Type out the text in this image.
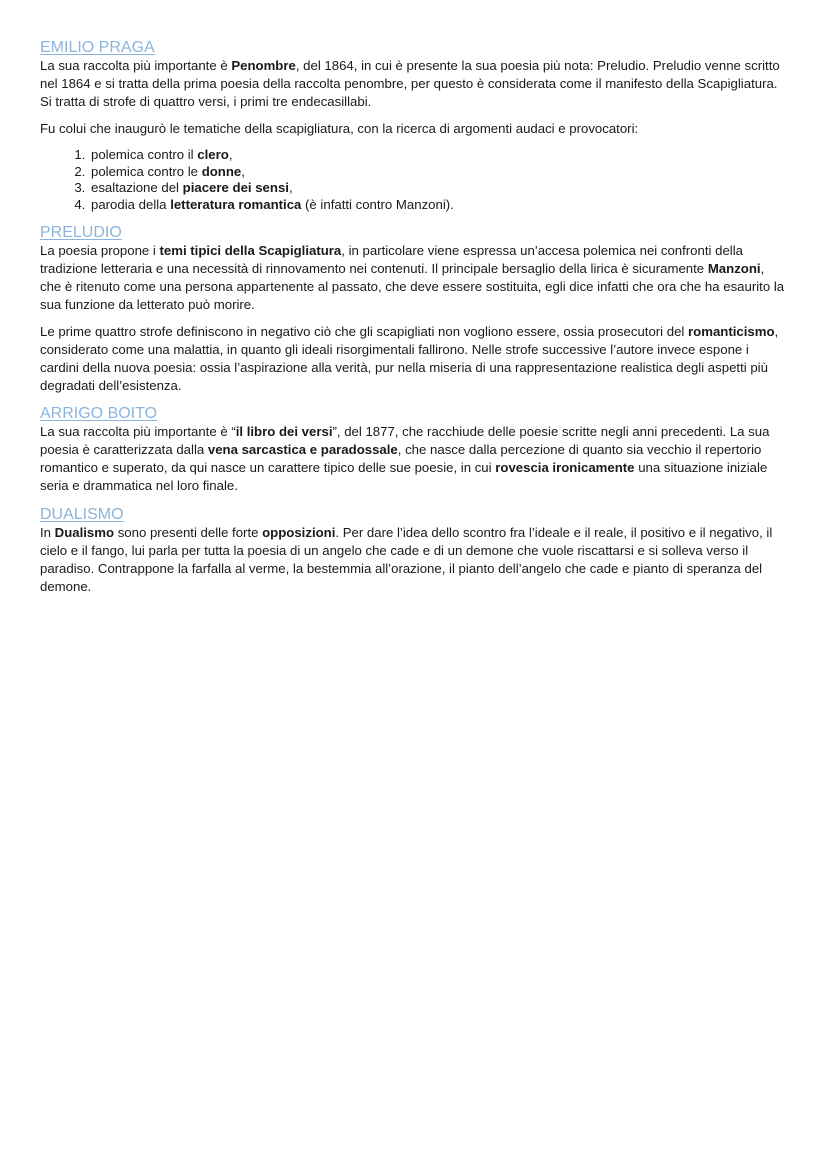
EMILIO PRAGA

La sua raccolta più importante è Penombre, del 1864, in cui è presente la sua poesia più nota: Preludio. Preludio venne scritto nel 1864 e si tratta della prima poesia della raccolta penombre, per questo è considerata come il manifesto della Scapigliatura. Si tratta di strofe di quattro versi, i primi tre endecasillabi.

Fu colui che inaugurò le tematiche della scapigliatura, con la ricerca di argomenti audaci e provocatori:

1. polemica contro il clero,
2. polemica contro le donne,
3. esaltazione del piacere dei sensi,
4. parodia della letteratura romantica (è infatti contro Manzoni).
PRELUDIO

La poesia propone i temi tipici della Scapigliatura, in particolare viene espressa un’accesa polemica nei confronti della tradizione letteraria e una necessità di rinnovamento nei contenuti. Il principale bersaglio della lirica è sicuramente Manzoni, che è ritenuto come una persona appartenente al passato, che deve essere sostituita, egli dice infatti che ora che ha esaurito la sua funzione da letterato può morire.

Le prime quattro strofe definiscono in negativo ciò che gli scapigliati non vogliono essere, ossia prosecutori del romanticismo, considerato come una malattia, in quanto gli ideali risorgimentali fallirono. Nelle strofe successive l’autore invece espone i cardini della nuova poesia: ossia l’aspirazione alla verità, pur nella miseria di una rappresentazione realistica degli aspetti più degradati dell’esistenza.

ARRIGO BOITO

La sua raccolta più importante è “il libro dei versi”, del 1877, che racchiude delle poesie scritte negli anni precedenti. La sua poesia è caratterizzata dalla vena sarcastica e paradossale, che nasce dalla percezione di quanto sia vecchio il repertorio romantico e superato, da qui nasce un carattere tipico delle sue poesie, in cui rovescia ironicamente una situazione iniziale seria e drammatica nel loro finale.

DUALISMO

In Dualismo sono presenti delle forte opposizioni. Per dare l’idea dello scontro fra l’ideale e il reale, il positivo e il negativo, il cielo e il fango, lui parla per tutta la poesia di un angelo che cade e di un demone che vuole riscattarsi e si solleva verso il paradiso. Contrappone la farfalla al verme, la bestemmia all’orazione, il pianto dell’angelo che cade e pianto di speranza del demone.
